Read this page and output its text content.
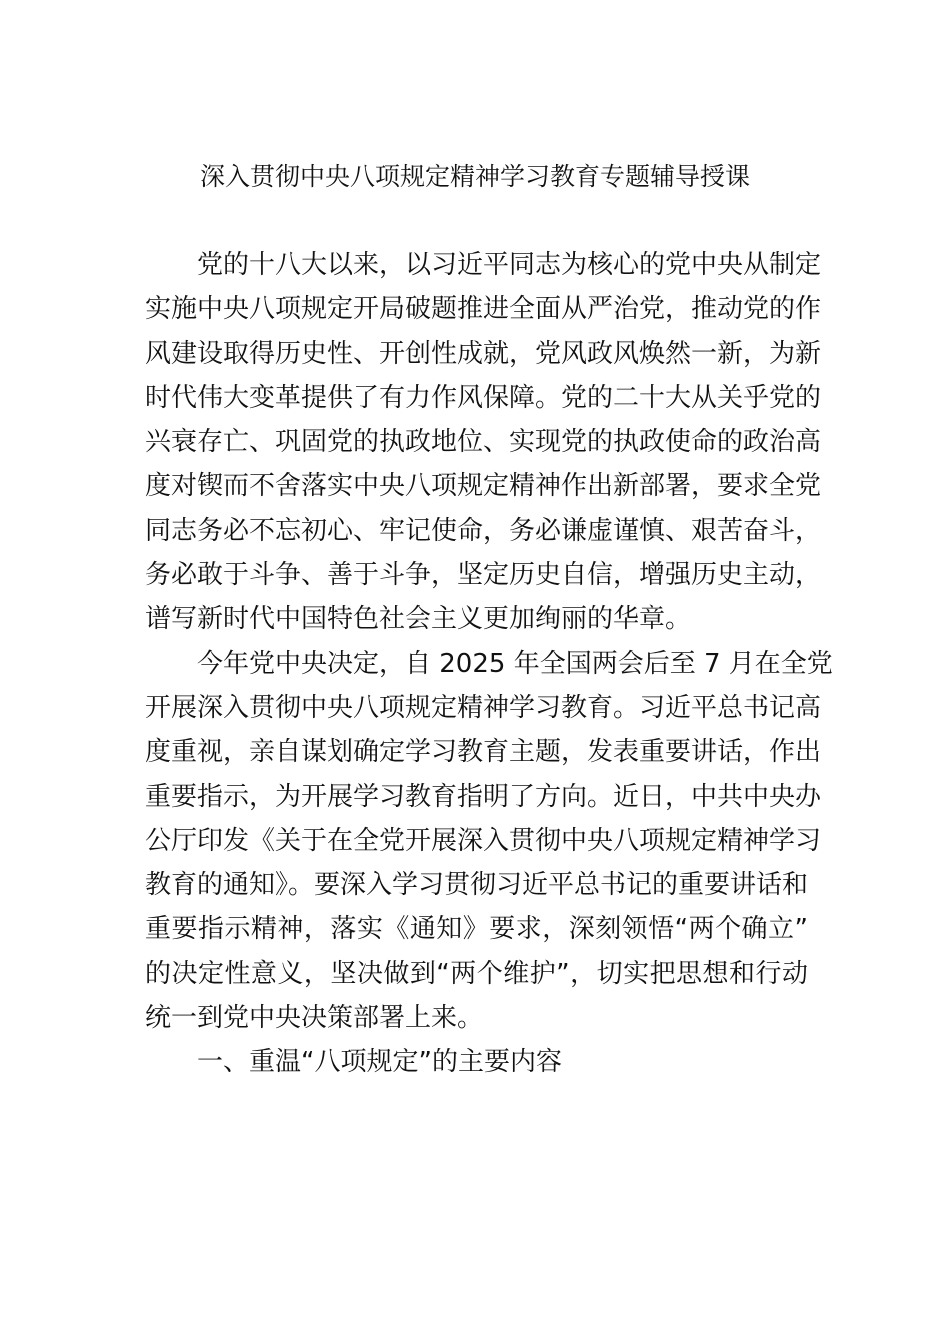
深入贯彻中央八项规定精神学习教育专题辅导授课
党的十八大以来，以习近平同志为核心的党中央从制定
实施中央八项规定开局破题推进全面从严治党，推动党的作
风建设取得历史性、开创性成就，党风政风焕然一新，为新
时代伟大变革提供了有力作风保障。党的二十大从关乎党的
兴衰存亡、巩固党的执政地位、实现党的执政使命的政治高
度对锲而不舍落实中央八项规定精神作出新部署，要求全党
同志务必不忘初心、牢记使命，务必谦虚谨慎、艰苦奋斗，
务必敢于斗争、善于斗争，坚定历史自信，增强历史主动，
谱写新时代中国特色社会主义更加绚丽的华章。
今年党中央决定，自 2025 年全国两会后至 7 月在全党
开展深入贯彻中央八项规定精神学习教育。习近平总书记高
度重视，亲自谋划确定学习教育主题，发表重要讲话，作出
重要指示，为开展学习教育指明了方向。近日，中共中央办
公厅印发《关于在全党开展深入贯彻中央八项规定精神学习
教育的通知》。要深入学习贯彻习近平总书记的重要讲话和
重要指示精神，落实《通知》要求，深刻领悟“两个确立”
的决定性意义，坚决做到“两个维护”，切实把思想和行动
统一到党中央决策部署上来。
一、重温“八项规定”的主要内容
